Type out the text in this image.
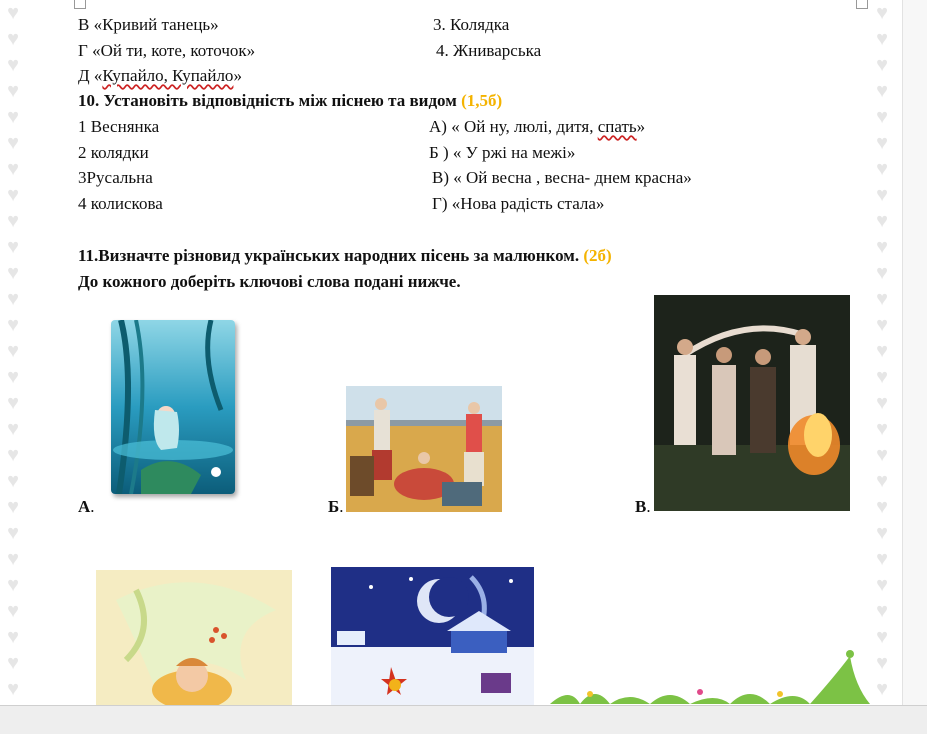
♥
♥
♥
♥
♥
♥
♥
♥
♥
♥
♥
♥
♥
♥
♥
♥
♥
♥
♥
♥
♥
♥
♥
♥
♥
♥
♥
♥
♥
♥
♥
♥
♥
♥
♥
♥
♥
♥
♥
♥
♥
♥
♥
♥
♥
♥
♥
♥
♥
♥
♥
♥
♥
♥
В «Кривий танець»
Г «Ой ти, коте, коточок»
Д «Купайло, Купайло»
3. Колядка
4. Жниварська
10. Установіть відповідність між піснею та видом (1,5б)
1 Веснянка
2 колядки
3Русальна
4 колискова
А) « Ой ну, люлі, дитя, спать»
Б ) « У ржі на межі»
В) « Ой весна , весна- днем красна»
Г) «Нова радість стала»
11.Визначте різновид українських народних пісень за малюнком. (2б)
До кожного доберіть ключові слова подані нижче.
А.	Б.	В.
